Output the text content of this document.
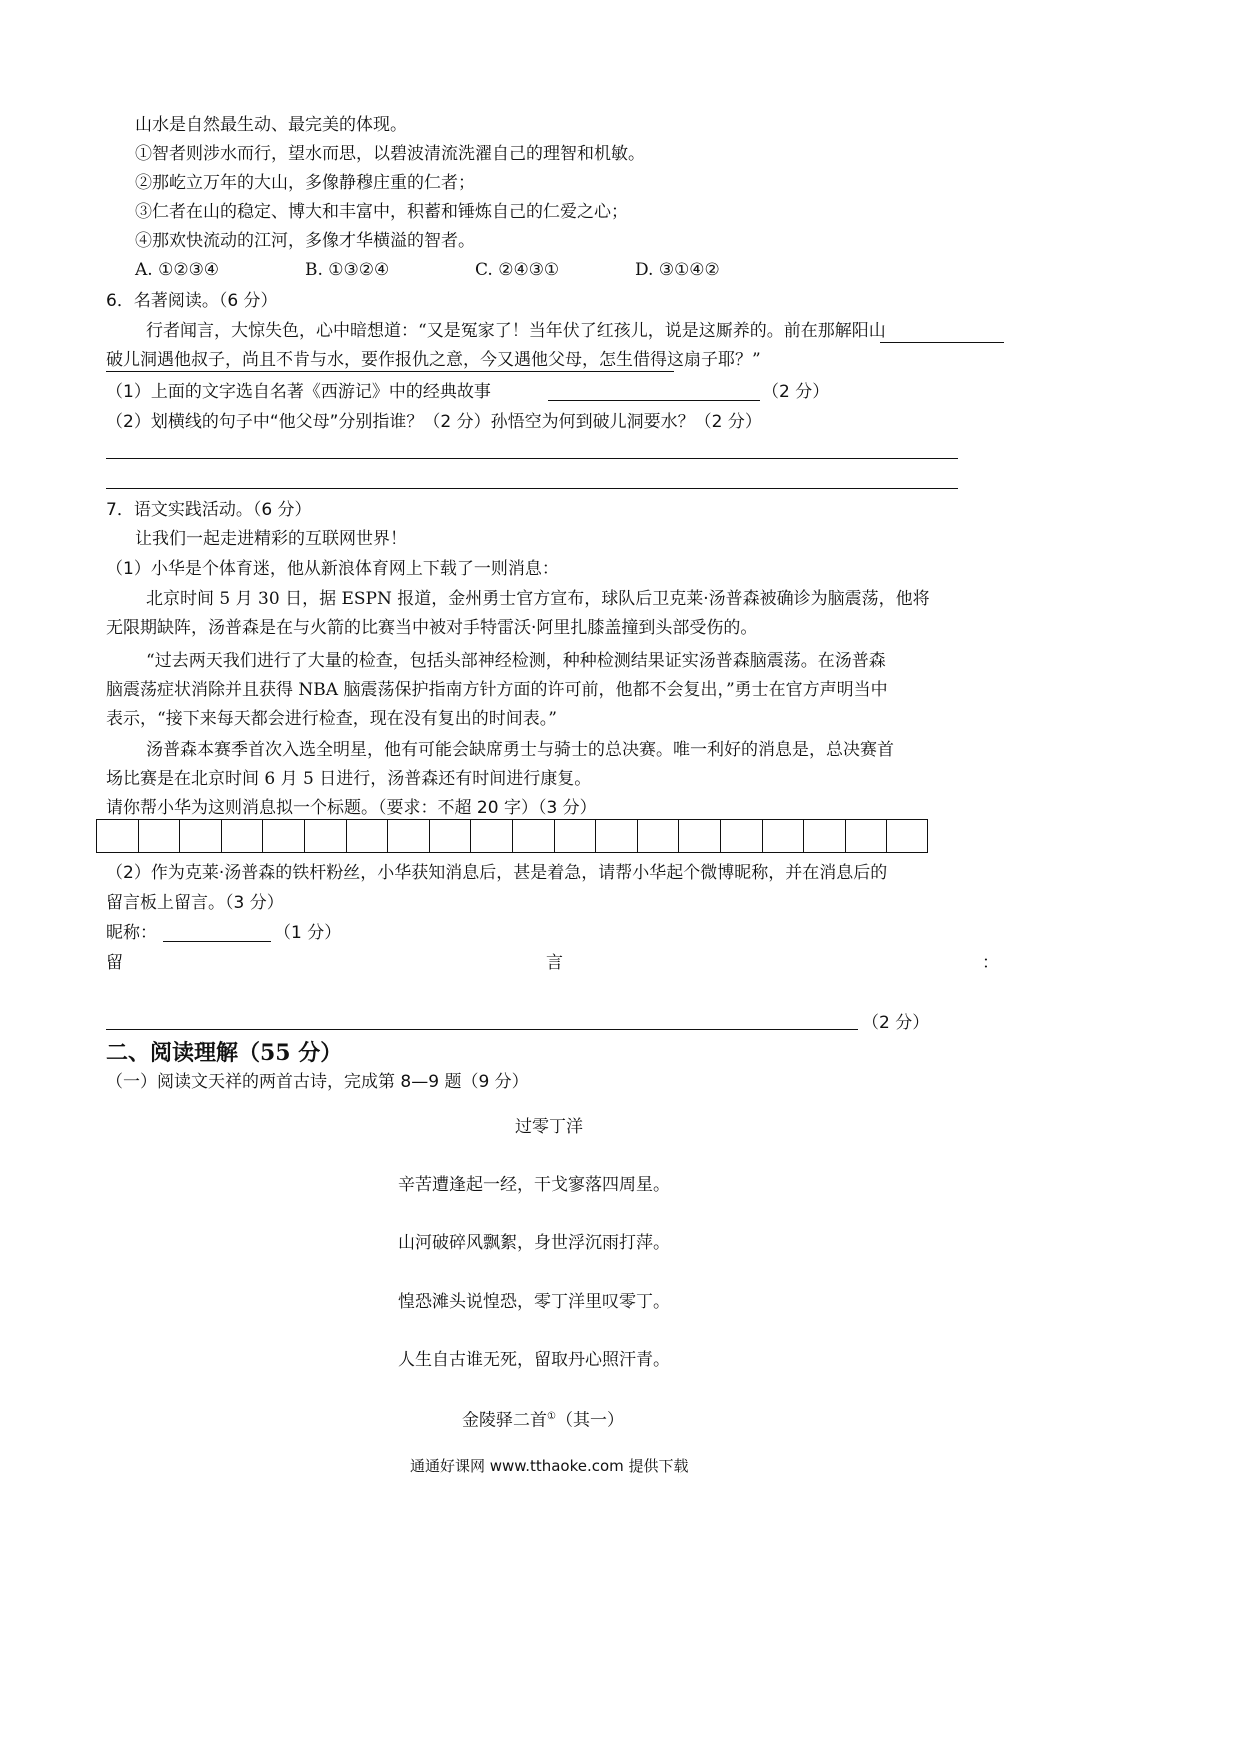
山水是自然最生动、最完美的体现。
①智者则涉水而行，望水而思，以碧波清流洗濯自己的理智和机敏。
②那屹立万年的大山，多像静穆庄重的仁者；
③仁者在山的稳定、博大和丰富中，积蓄和锤炼自己的仁爱之心；
④那欢快流动的江河，多像才华横溢的智者。
A. ①②③④	B. ①③②④	C. ②④③①	D. ③①④②
6．名著阅读。（6 分）
行者闻言，大惊失色，心中暗想道：“又是冤家了！当年伏了红孩儿，说是这厮养的。前在那解阳山
破儿洞遇他叔子，尚且不肯与水，要作报仇之意，今又遇他父母，怎生借得这扇子耶？”
（1）上面的文字选自名著《西游记》中的经典故事	（2 分）
（2）划横线的句子中“他父母”分别指谁？（2 分）孙悟空为何到破儿洞要水？（2 分）
7．语文实践活动。（6 分）
让我们一起走进精彩的互联网世界！
（1）小华是个体育迷，他从新浪体育网上下载了一则消息：
北京时间 5 月 30 日，据 ESPN 报道，金州勇士官方宣布，球队后卫克莱·汤普森被确诊为脑震荡，他将
无限期缺阵，汤普森是在与火箭的比赛当中被对手特雷沃·阿里扎膝盖撞到头部受伤的。
“过去两天我们进行了大量的检查，包括头部神经检测，种种检测结果证实汤普森脑震荡。在汤普森
脑震荡症状消除并且获得 NBA 脑震荡保护指南方针方面的许可前，他都不会复出，”勇士在官方声明当中
表示，“接下来每天都会进行检查，现在没有复出的时间表。”
汤普森本赛季首次入选全明星，他有可能会缺席勇士与骑士的总决赛。唯一利好的消息是，总决赛首
场比赛是在北京时间 6 月 5 日进行，汤普森还有时间进行康复。
请你帮小华为这则消息拟一个标题。（要求：不超 20 字）（3 分）
（2）作为克莱·汤普森的铁杆粉丝，小华获知消息后，甚是着急，请帮小华起个微博昵称，并在消息后的
留言板上留言。（3 分）
昵称：	（1 分）
留	言	：
（2 分）
二、阅读理解（55 分）
（一）阅读文天祥的两首古诗，完成第 8—9 题（9 分）
过零丁洋
辛苦遭逢起一经，干戈寥落四周星。
山河破碎风飘絮，身世浮沉雨打萍。
惶恐滩头说惶恐，零丁洋里叹零丁。
人生自古谁无死，留取丹心照汗青。
金陵驿二首①（其一）
通通好课网 www.tthaoke.com 提供下载
